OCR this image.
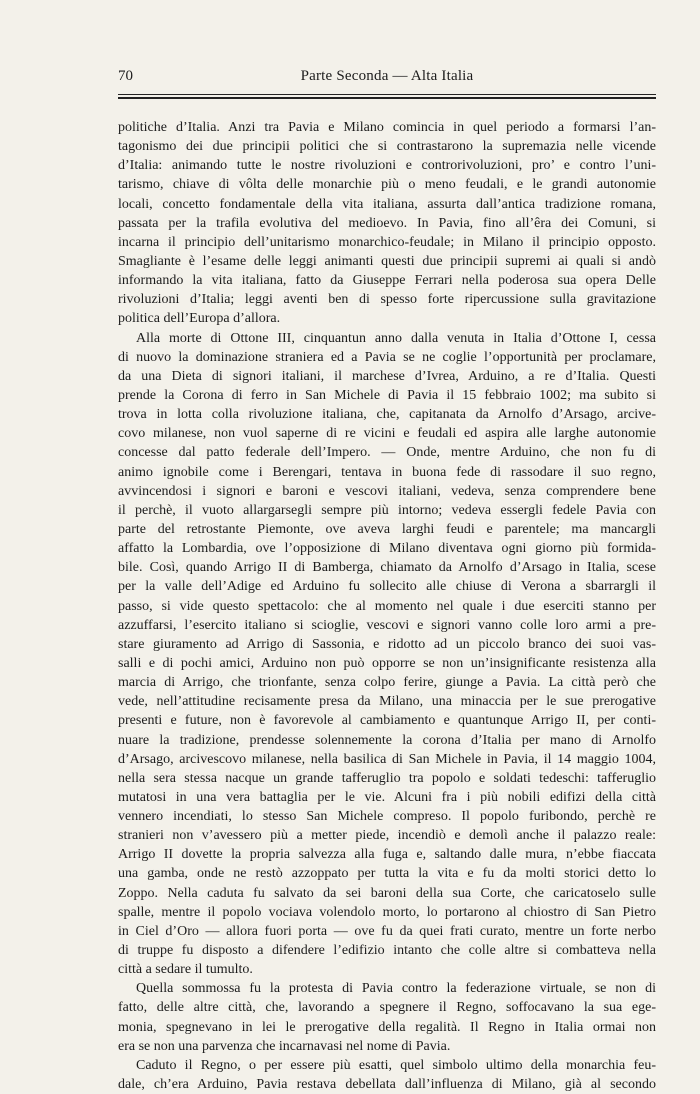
70	Parte Seconda — Alta Italia
politiche d’Italia. Anzi tra Pavia e Milano comincia in quel periodo a formarsi l’an-
tagonismo dei due principii politici che si contrastarono la supremazia nelle vicende
d’Italia: animando tutte le nostre rivoluzioni e controrivoluzioni, pro’ e contro l’uni-
tarismo, chiave di vôlta delle monarchie più o meno feudali, e le grandi autonomie
locali, concetto fondamentale della vita italiana, assurta dall’antica tradizione romana,
passata per la trafila evolutiva del medioevo. In Pavia, fino all’êra dei Comuni, si
incarna il principio dell’unitarismo monarchico-feudale; in Milano il principio opposto.
Smagliante è l’esame delle leggi animanti questi due principii supremi ai quali si andò
informando la vita italiana, fatto da Giuseppe Ferrari nella poderosa sua opera Delle
rivoluzioni d’Italia; leggi aventi ben di spesso forte ripercussione sulla gravitazione
politica dell’Europa d’allora.
Alla morte di Ottone III, cinquantun anno dalla venuta in Italia d’Ottone I, cessa
di nuovo la dominazione straniera ed a Pavia se ne coglie l’opportunità per proclamare,
da una Dieta di signori italiani, il marchese d’Ivrea, Arduino, a re d’Italia. Questi
prende la Corona di ferro in San Michele di Pavia il 15 febbraio 1002; ma subito si
trova in lotta colla rivoluzione italiana, che, capitanata da Arnolfo d’Arsago, arcive-
covo milanese, non vuol saperne di re vicini e feudali ed aspira alle larghe autonomie
concesse dal patto federale dell’Impero. — Onde, mentre Arduino, che non fu di
animo ignobile come i Berengari, tentava in buona fede di rassodare il suo regno,
avvincendosi i signori e baroni e vescovi italiani, vedeva, senza comprendere bene
il perchè, il vuoto allargarsegli sempre più intorno; vedeva essergli fedele Pavia con
parte del retrostante Piemonte, ove aveva larghi feudi e parentele; ma mancargli
affatto la Lombardia, ove l’opposizione di Milano diventava ogni giorno più formida-
bile. Così, quando Arrigo II di Bamberga, chiamato da Arnolfo d’Arsago in Italia, scese
per la valle dell’Adige ed Arduino fu sollecito alle chiuse di Verona a sbarrargli il
passo, si vide questo spettacolo: che al momento nel quale i due eserciti stanno per
azzuffarsi, l’esercito italiano si scioglie, vescovi e signori vanno colle loro armi a pre-
stare giuramento ad Arrigo di Sassonia, e ridotto ad un piccolo branco dei suoi vas-
salli e di pochi amici, Arduino non può opporre se non un’insignificante resistenza alla
marcia di Arrigo, che trionfante, senza colpo ferire, giunge a Pavia. La città però che
vede, nell’attitudine recisamente presa da Milano, una minaccia per le sue prerogative
presenti e future, non è favorevole al cambiamento e quantunque Arrigo II, per conti-
nuare la tradizione, prendesse solennemente la corona d’Italia per mano di Arnolfo
d’Arsago, arcivescovo milanese, nella basilica di San Michele in Pavia, il 14 maggio 1004,
nella sera stessa nacque un grande tafferuglio tra popolo e soldati tedeschi: tafferuglio
mutatosi in una vera battaglia per le vie. Alcuni fra i più nobili edifizi della città
vennero incendiati, lo stesso San Michele compreso. Il popolo furibondo, perchè re
stranieri non v’avessero più a metter piede, incendiò e demolì anche il palazzo reale:
Arrigo II dovette la propria salvezza alla fuga e, saltando dalle mura, n’ebbe fiaccata
una gamba, onde ne restò azzoppato per tutta la vita e fu da molti storici detto lo
Zoppo. Nella caduta fu salvato da sei baroni della sua Corte, che caricatoselo sulle
spalle, mentre il popolo vociava volendolo morto, lo portarono al chiostro di San Pietro
in Ciel d’Oro — allora fuori porta — ove fu da quei frati curato, mentre un forte nerbo
di truppe fu disposto a difendere l’edifizio intanto che colle altre si combatteva nella
città a sedare il tumulto.
Quella sommossa fu la protesta di Pavia contro la federazione virtuale, se non di
fatto, delle altre città, che, lavorando a spegnere il Regno, soffocavano la sua ege-
monia, spegnevano in lei le prerogative della regalità. Il Regno in Italia ormai non
era se non una parvenza che incarnavasi nel nome di Pavia.
Caduto il Regno, o per essere più esatti, quel simbolo ultimo della monarchia feu-
dale, ch’era Arduino, Pavia restava debellata dall’influenza di Milano, già al secondo
